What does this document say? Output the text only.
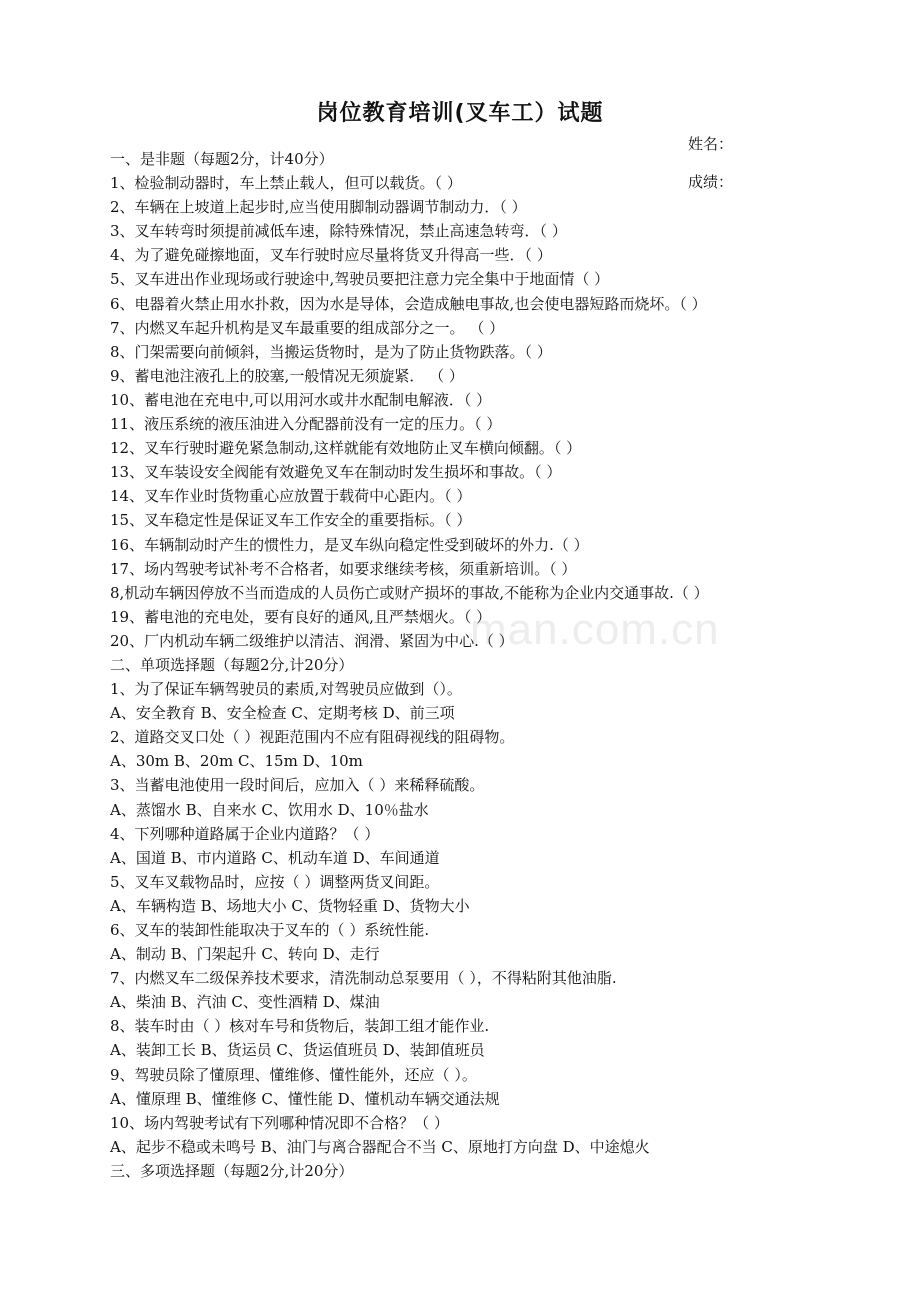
岗位教育培训(叉车工）试题
姓名：
成绩：
man.com.cn
一、是非题（每题2分，计40分）
1、检验制动器时，车上禁止载人，但可以载货。（ ）
2、车辆在上坡道上起步时,应当使用脚制动器调节制动力．（ ）
3、叉车转弯时须提前减低车速，除特殊情况，禁止高速急转弯．（ ）
4、为了避免碰擦地面，叉车行驶时应尽量将货叉升得高一些．（ ）
5、叉车进出作业现场或行驶途中,驾驶员要把注意力完全集中于地面情（ ）
6、电器着火禁止用水扑救，因为水是导体，会造成触电事故,也会使电器短路而烧坏。（ ）
7、内燃叉车起升机构是叉车最重要的组成部分之一。 （ ）
8、门架需要向前倾斜，当搬运货物时，是为了防止货物跌落。（ ）
9、蓄电池注液孔上的胶塞,一般情况无须旋紧． （ ）
10、蓄电池在充电中,可以用河水或井水配制电解液．（ ）
11、液压系统的液压油进入分配器前没有一定的压力。（ ）
12、叉车行驶时避免紧急制动,这样就能有效地防止叉车横向倾翻。（ ）
13、叉车装设安全阀能有效避免叉车在制动时发生损坏和事故。（ ）
14、叉车作业时货物重心应放置于载荷中心距内。（ ）
15、叉车稳定性是保证叉车工作安全的重要指标。（ ）
16、车辆制动时产生的惯性力，是叉车纵向稳定性受到破坏的外力.（ ）
17、场内驾驶考试补考不合格者，如要求继续考核，须重新培训。（ ）
8,机动车辆因停放不当而造成的人员伤亡或财产损坏的事故,不能称为企业内交通事故.（ ）
19、蓄电池的充电处，要有良好的通风,且严禁烟火。（ ）
20、厂内机动车辆二级维护以清洁、润滑、紧固为中心.（ ）
二、单项选择题（每题2分,计20分）
1、为了保证车辆驾驶员的素质,对驾驶员应做到（）。
A、安全教育 B、安全检查 C、定期考核 D、前三项
2、道路交叉口处（ ）视距范围内不应有阻碍视线的阻碍物。
A、30m B、20m C、15m D、10m
3、当蓄电池使用一段时间后，应加入（ ）来稀释硫酸。
A、蒸馏水 B、自来水 C、饮用水 D、10％盐水
4、下列哪种道路属于企业内道路？（ ）
A、国道 B、市内道路 C、机动车道 D、车间通道
5、叉车叉载物品时，应按（ ）调整两货叉间距。
A、车辆构造 B、场地大小 C、货物轻重 D、货物大小
6、叉车的装卸性能取决于叉车的（ ）系统性能.
A、制动 B、门架起升 C、转向 D、走行
7、内燃叉车二级保养技术要求，清洗制动总泵要用（ ），不得粘附其他油脂.
A、柴油 B、汽油 C、变性酒精 D、煤油
8、装车时由（ ）核对车号和货物后，装卸工组才能作业.
A、装卸工长 B、货运员 C、货运值班员 D、装卸值班员
9、驾驶员除了懂原理、懂维修、懂性能外，还应（ ）。
A、懂原理 B、懂维修 C、懂性能 D、懂机动车辆交通法规
10、场内驾驶考试有下列哪种情况即不合格？（ ）
A、起步不稳或未鸣号 B、油门与离合器配合不当 C、原地打方向盘 D、中途熄火
三、多项选择题（每题2分,计20分）
